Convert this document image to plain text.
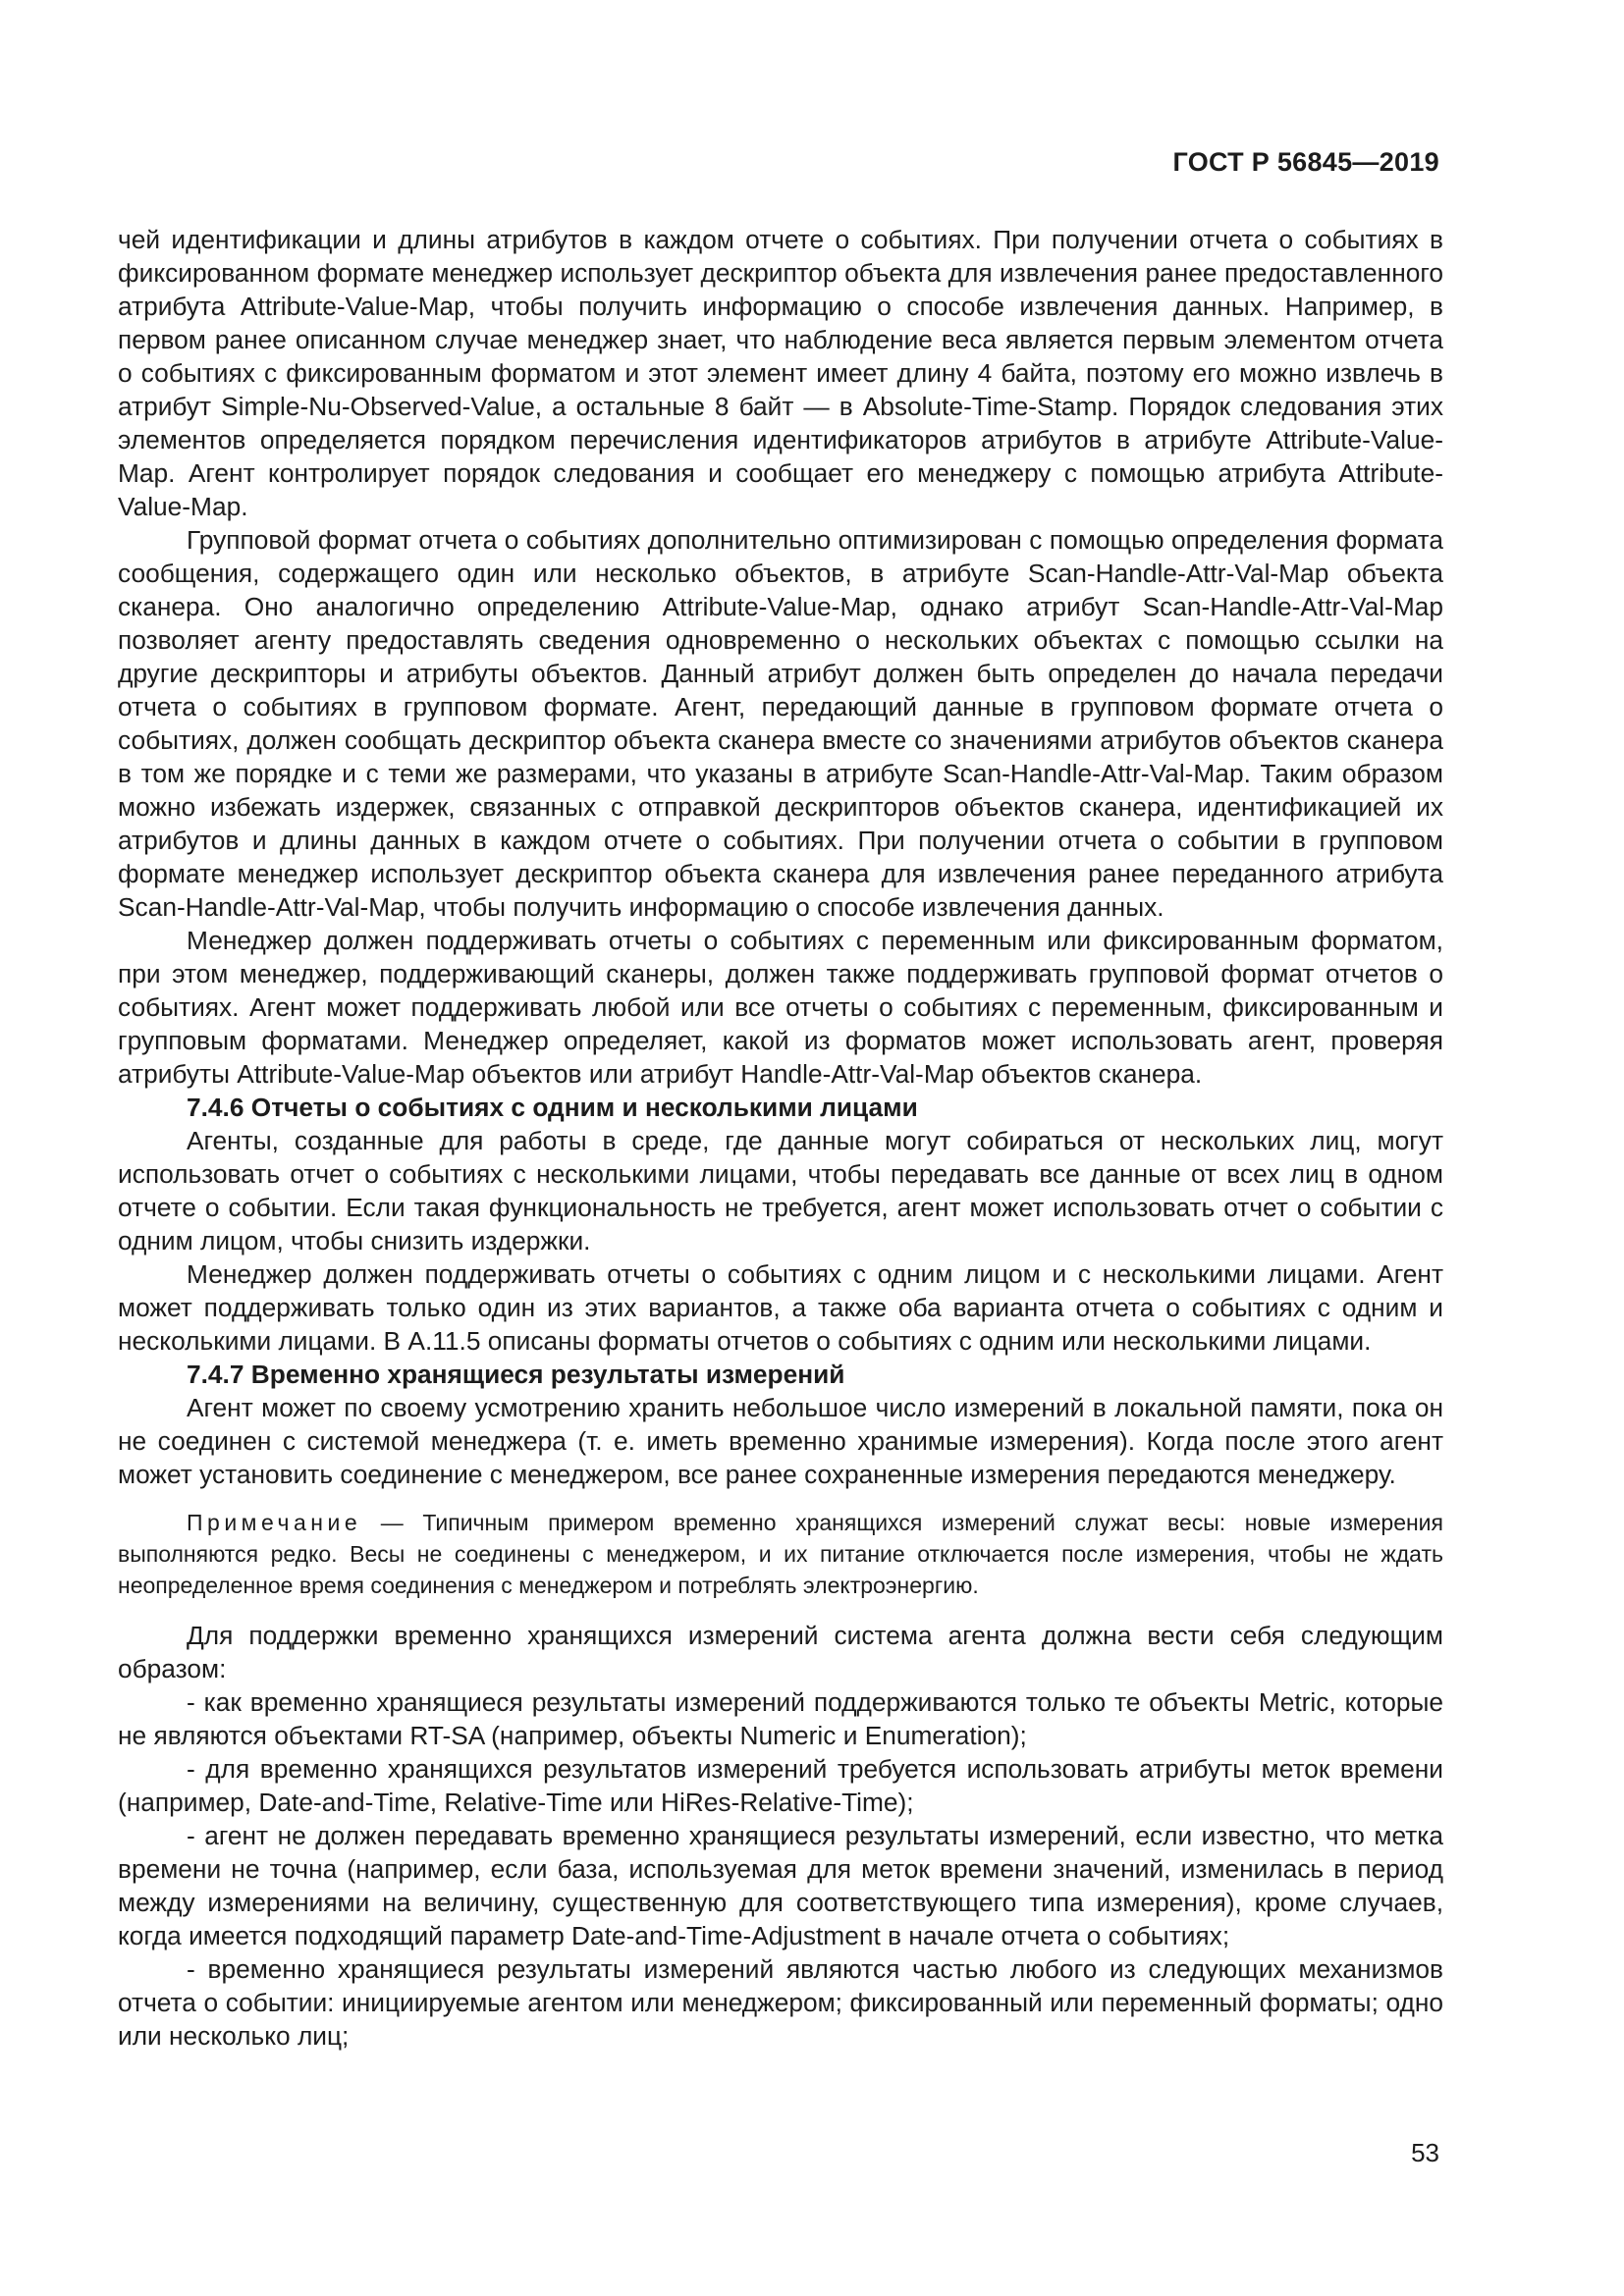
ГОСТ Р 56845—2019

чей идентификации и длины атрибутов в каждом отчете о событиях. При получении отчета о событиях в фиксированном формате менеджер использует дескриптор объекта для извлечения ранее предоставленного атрибута Attribute-Value-Map, чтобы получить информацию о способе извлечения данных. Например, в первом ранее описанном случае менеджер знает, что наблюдение веса является первым элементом отчета о событиях с фиксированным форматом и этот элемент имеет длину 4 байта, поэтому его можно извлечь в атрибут Simple-Nu-Observed-Value, а остальные 8 байт — в Absolute-Time-Stamp. Порядок следования этих элементов определяется порядком перечисления идентификаторов атрибутов в атрибуте Attribute-Value-Map. Агент контролирует порядок следования и сообщает его менеджеру с помощью атрибута Attribute-Value-Map.

Групповой формат отчета о событиях дополнительно оптимизирован с помощью определения формата сообщения, содержащего один или несколько объектов, в атрибуте Scan-Handle-Attr-Val-Map объекта сканера. Оно аналогично определению Attribute-Value-Map, однако атрибут Scan-Handle-Attr-Val-Map позволяет агенту предоставлять сведения одновременно о нескольких объектах с помощью ссылки на другие дескрипторы и атрибуты объектов. Данный атрибут должен быть определен до начала передачи отчета о событиях в групповом формате. Агент, передающий данные в групповом формате отчета о событиях, должен сообщать дескриптор объекта сканера вместе со значениями атрибутов объектов сканера в том же порядке и с теми же размерами, что указаны в атрибуте Scan-Handle-Attr-Val-Map. Таким образом можно избежать издержек, связанных с отправкой дескрипторов объектов сканера, идентификацией их атрибутов и длины данных в каждом отчете о событиях. При получении отчета о событии в групповом формате менеджер использует дескриптор объекта сканера для извлечения ранее переданного атрибута Scan-Handle-Attr-Val-Map, чтобы получить информацию о способе извлечения данных.

Менеджер должен поддерживать отчеты о событиях с переменным или фиксированным форматом, при этом менеджер, поддерживающий сканеры, должен также поддерживать групповой формат отчетов о событиях. Агент может поддерживать любой или все отчеты о событиях с переменным, фиксированным и групповым форматами. Менеджер определяет, какой из форматов может использовать агент, проверяя атрибуты Attribute-Value-Map объектов или атрибут Handle-Attr-Val-Map объектов сканера.

7.4.6 Отчеты о событиях с одним и несколькими лицами

Агенты, созданные для работы в среде, где данные могут собираться от нескольких лиц, могут использовать отчет о событиях с несколькими лицами, чтобы передавать все данные от всех лиц в одном отчете о событии. Если такая функциональность не требуется, агент может использовать отчет о событии с одним лицом, чтобы снизить издержки.

Менеджер должен поддерживать отчеты о событиях с одним лицом и с несколькими лицами. Агент может поддерживать только один из этих вариантов, а также оба варианта отчета о событиях с одним и несколькими лицами. В А.11.5 описаны форматы отчетов о событиях с одним или несколькими лицами.

7.4.7 Временно хранящиеся результаты измерений

Агент может по своему усмотрению хранить небольшое число измерений в локальной памяти, пока он не соединен с системой менеджера (т. е. иметь временно хранимые измерения). Когда после этого агент может установить соединение с менеджером, все ранее сохраненные измерения передаются менеджеру.

Примечание — Типичным примером временно хранящихся измерений служат весы: новые измерения выполняются редко. Весы не соединены с менеджером, и их питание отключается после измерения, чтобы не ждать неопределенное время соединения с менеджером и потреблять электроэнергию.

Для поддержки временно хранящихся измерений система агента должна вести себя следующим образом:

- как временно хранящиеся результаты измерений поддерживаются только те объекты Metric, которые не являются объектами RT-SA (например, объекты Numeric и Enumeration);
- для временно хранящихся результатов измерений требуется использовать атрибуты меток времени (например, Date-and-Time, Relative-Time или HiRes-Relative-Time);
- агент не должен передавать временно хранящиеся результаты измерений, если известно, что метка времени не точна (например, если база, используемая для меток времени значений, изменилась в период между измерениями на величину, существенную для соответствующего типа измерения), кроме случаев, когда имеется подходящий параметр Date-and-Time-Adjustment в начале отчета о событиях;
- временно хранящиеся результаты измерений являются частью любого из следующих механизмов отчета о событии: инициируемые агентом или менеджером; фиксированный или переменный форматы; одно или несколько лиц;
53
